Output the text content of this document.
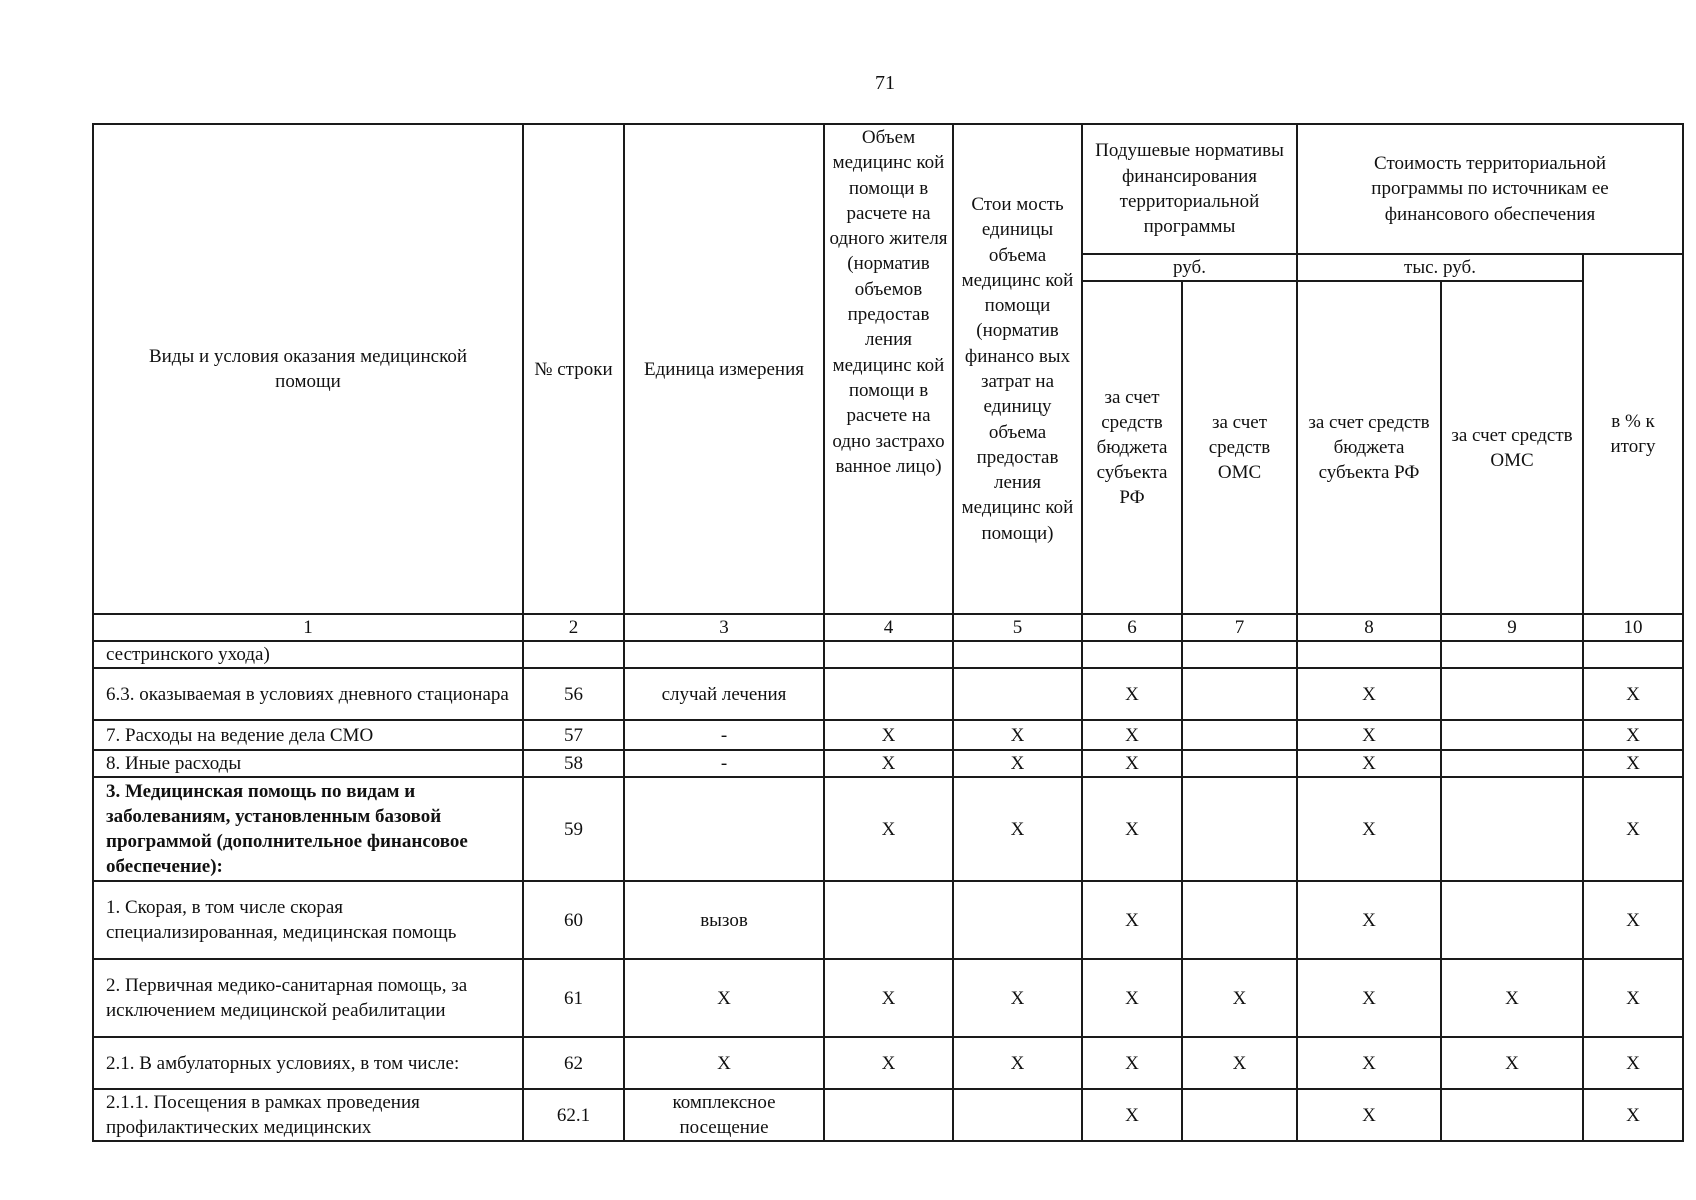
71
Виды и условия оказания медицинской помощи	№ строки	Единица измерения	Объем медицинс кой помощи в расчете на одного жителя (норматив объемов предостав ления медицинс кой помощи в расчете на одно застрахо ванное лицо)	Стои мость единицы объема медицинс кой помощи (норматив финансо вых затрат на единицу объема предостав ления медицинс кой помощи)	Подушевые нормативы финансирования территориальной программы		Стоимость территориальной программы по источникам ее финансового обеспечения		
					руб.		тыс. руб.		в % к итогу
					за счет средств бюджета субъекта РФ	за счет средств ОМС	за счет средств бюджета субъекта РФ	за счет средств ОМС	
1	2	3	4	5	6	7	8	9	10
сестринского ухода)									
6.3. оказываемая в условиях дневного стационара	56	случай лечения			X		X		X
7. Расходы на ведение дела СМО	57	-	X	X	X		X		X
8. Иные расходы	58	-	X	X	X		X		X
3. Медицинская помощь по видам и заболеваниям, установленным базовой программой (дополнительное финансовое обеспечение):	59		X	X	X		X		X
1. Скорая, в том числе скорая специализированная, медицинская помощь	60	вызов			X		X		X
2. Первичная медико-санитарная помощь, за исключением медицинской реабилитации	61	X	X	X	X	X	X	X	X
2.1. В амбулаторных условиях, в том числе:	62	X	X	X	X	X	X	X	X
2.1.1. Посещения в рамках проведения профилактических медицинских	62.1	комплексное посещение			X		X		X
